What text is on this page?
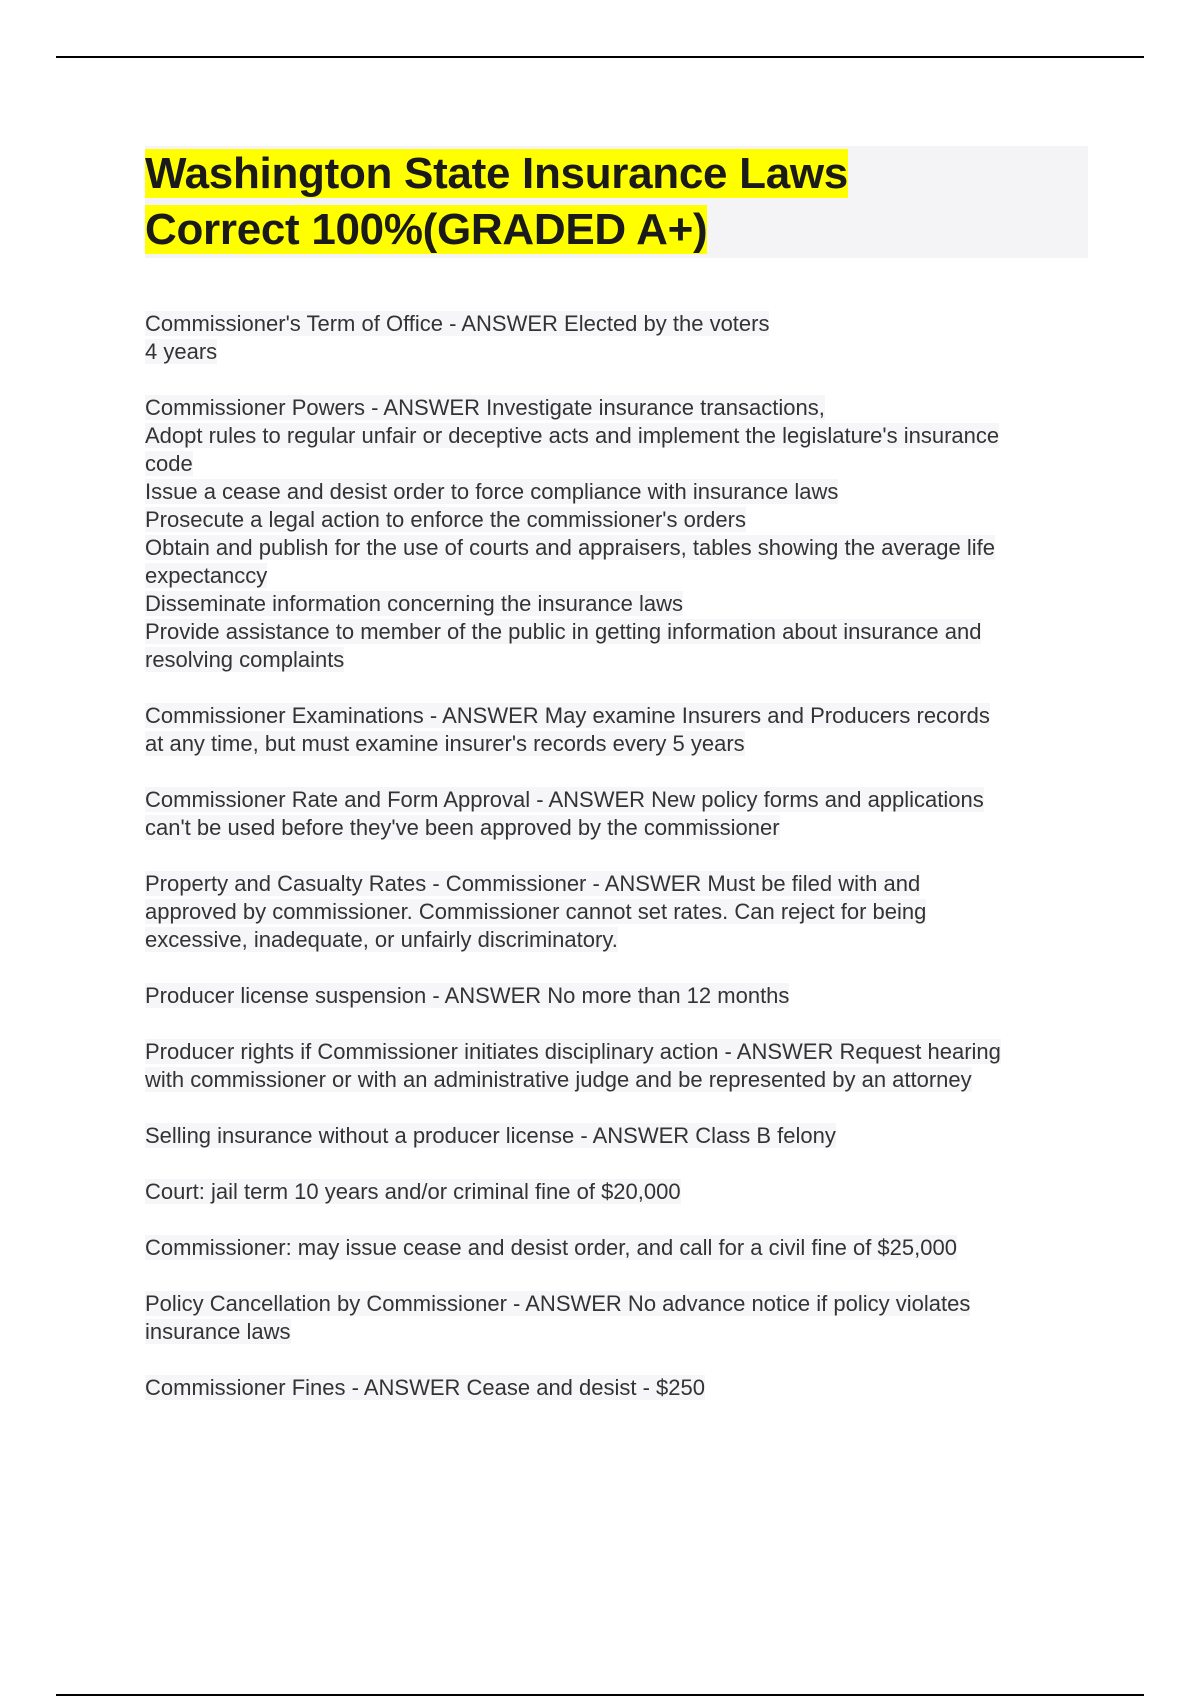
Washington State Insurance Laws
Correct 100%(GRADED A+)

Commissioner's Term of Office - ANSWER Elected by the voters
4 years

Commissioner Powers - ANSWER Investigate insurance transactions,
Adopt rules to regular unfair or deceptive acts and implement the legislature's insurance
code
Issue a cease and desist order to force compliance with insurance laws
Prosecute a legal action to enforce the commissioner's orders
Obtain and publish for the use of courts and appraisers, tables showing the average life
expectanccy
Disseminate information concerning the insurance laws
Provide assistance to member of the public in getting information about insurance and
resolving complaints

Commissioner Examinations - ANSWER May examine Insurers and Producers records
at any time, but must examine insurer's records every 5 years

Commissioner Rate and Form Approval - ANSWER New policy forms and applications
can't be used before they've been approved by the commissioner

Property and Casualty Rates - Commissioner - ANSWER Must be filed with and
approved by commissioner. Commissioner cannot set rates. Can reject for being
excessive, inadequate, or unfairly discriminatory.

Producer license suspension - ANSWER No more than 12 months

Producer rights if Commissioner initiates disciplinary action - ANSWER Request hearing
with commissioner or with an administrative judge and be represented by an attorney

Selling insurance without a producer license - ANSWER Class B felony

Court: jail term 10 years and/or criminal fine of $20,000

Commissioner: may issue cease and desist order, and call for a civil fine of $25,000

Policy Cancellation by Commissioner - ANSWER No advance notice if policy violates
insurance laws

Commissioner Fines - ANSWER Cease and desist - $250
